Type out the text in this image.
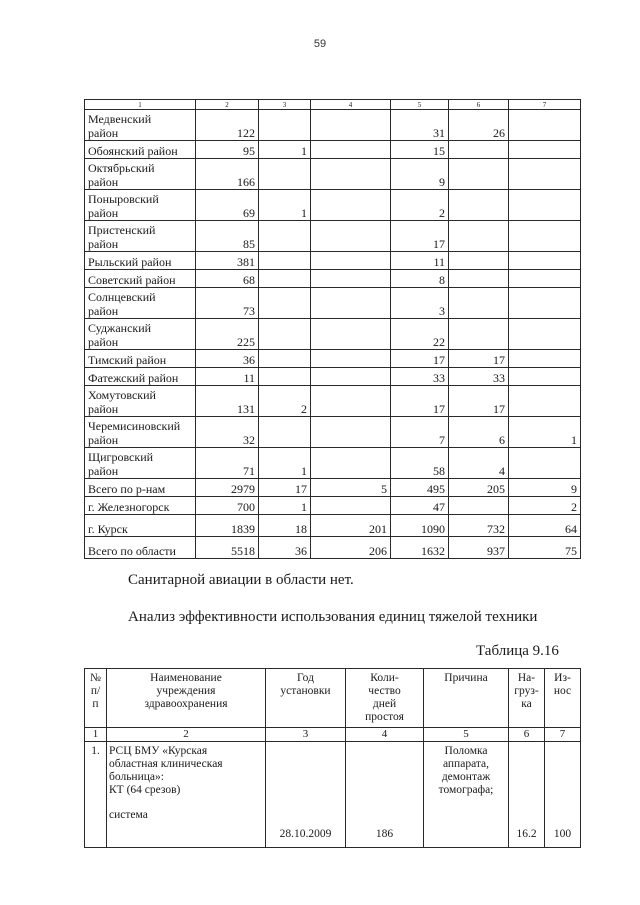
59
1	2	3	4	5	6	7

Медвенский
район	122			31	26	

Обоянский район	95	1		15		

Октябрьский
район	166			9		

Поныровский
район	69	1		2		

Пристенский
район	85			17		

Рыльский район	381			11		

Советский район	68			8		

Солнцевский
район	73			3		

Суджанский
район	225			22		

Тимский район	36			17	17	

Фатежский район	11			33	33	

Хомутовский
район	131	2		17	17	

Черемисиновский
район	32			7	6	1

Щигровский
район	71	1		58	4	

Всего по р-нам	2979	17	5	495	205	9

г. Железногорск	700	1		47		2

г. Курск	1839	18	201	1090	732	64

Всего по области	5518	36	206	1632	937	75
Санитарной авиации в области нет.
Анализ эффективности использования единиц тяжелой техники
Таблица 9.16
№
п/
п	Наименование
учреждения
здравоохранения	Год
установки	Коли-
чество
дней
простоя	Причина	На-
груз-
ка	Из-
нос

1	2	3	4	5	6	7
1.	РСЦ БМУ «Курская
областная клиническая
больница»:
КТ (64 срезов)
система	28.10.2009	186	Поломка
аппарата,
демонтаж
томографа;	16.2	100
